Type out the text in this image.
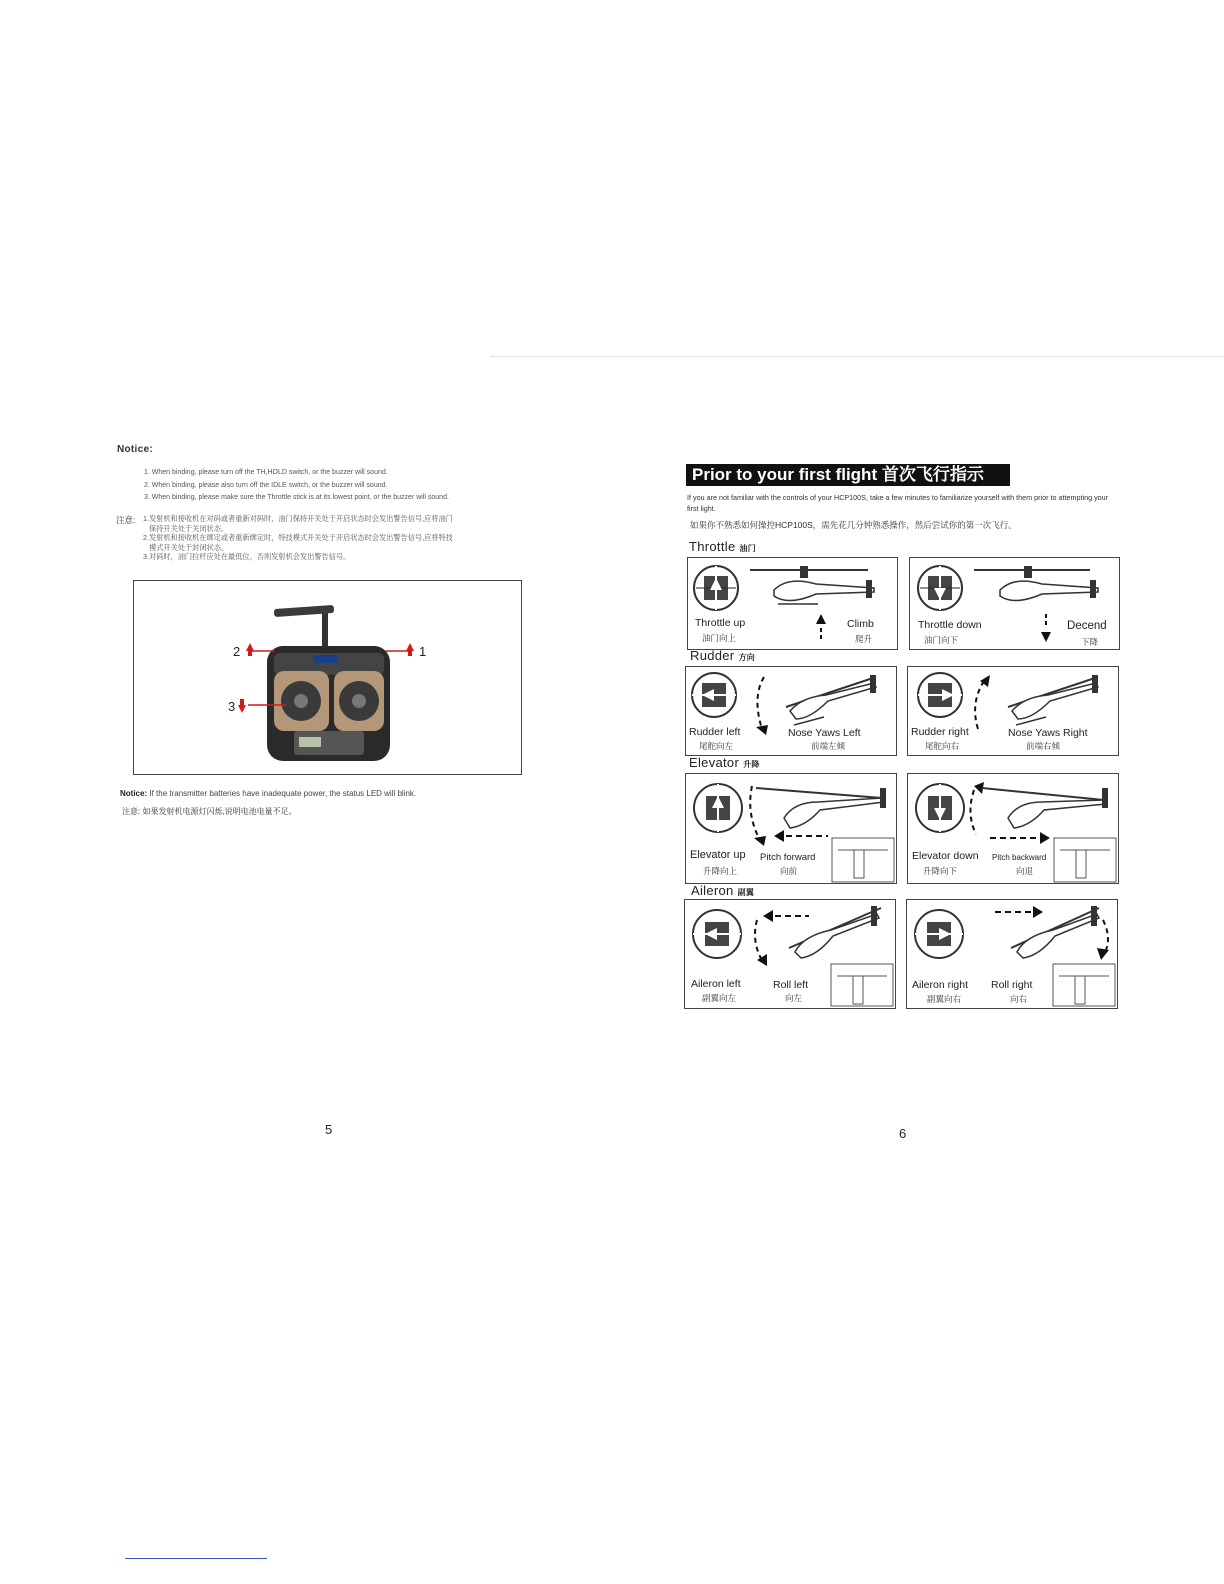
Notice:
1. When binding, please turn off the TH,HOLD switch, or the buzzer will sound.
2. When binding, please also turn off the IDLE switch, or the buzzer will sound.
3. When binding, please make sure the Throttle stick is at its lowest point, or the buzzer will sound.
注意: 1.发射机和接收机在对码或者重新对码时，油门保持开关处于开启状态时会发出警告信号,应将油门
保持开关处于关闭状态。
2.发射机和接收机在绑定或者重新绑定时，特技模式开关处于开启状态时会发出警告信号,应将特技
模式开关处于封闭状态。
3.对码时，油门拉杆应处在最低位，否则发射机会发出警告信号。
2	1
3
Notice: If the transmitter batteries have inadequate power, the status LED will blink.
注意: 如果发射机电源灯闪烁,说明电池电量不足。
5
Prior to your first flight 首次飞行指示
If you are not familiar with the controls of your HCP100S, take a few minutes to familiarize yourself with them prior to attempting your first light.
如果你不熟悉如何操控HCP100S，需先花几分钟熟悉操作，然后尝试你的第一次飞行。
Throttle 油门
Throttle up
油门向上
Climb
爬升
Throttle down
油门向下
Decend
下降
Rudder 方向
Rudder left
尾舵向左
Nose Yaws Left
前端左倾
Rudder right
尾舵向右
Nose Yaws Right
前端右倾
Elevator 升降
Elevator up Pitch forward
升降向上	向前
Elevator down Pitch backward
升降向下	向退
Aileron 副翼
Aileron left
副翼向左
Roll left
向左
Aileron right
副翼向右
Roll right
向右
6
